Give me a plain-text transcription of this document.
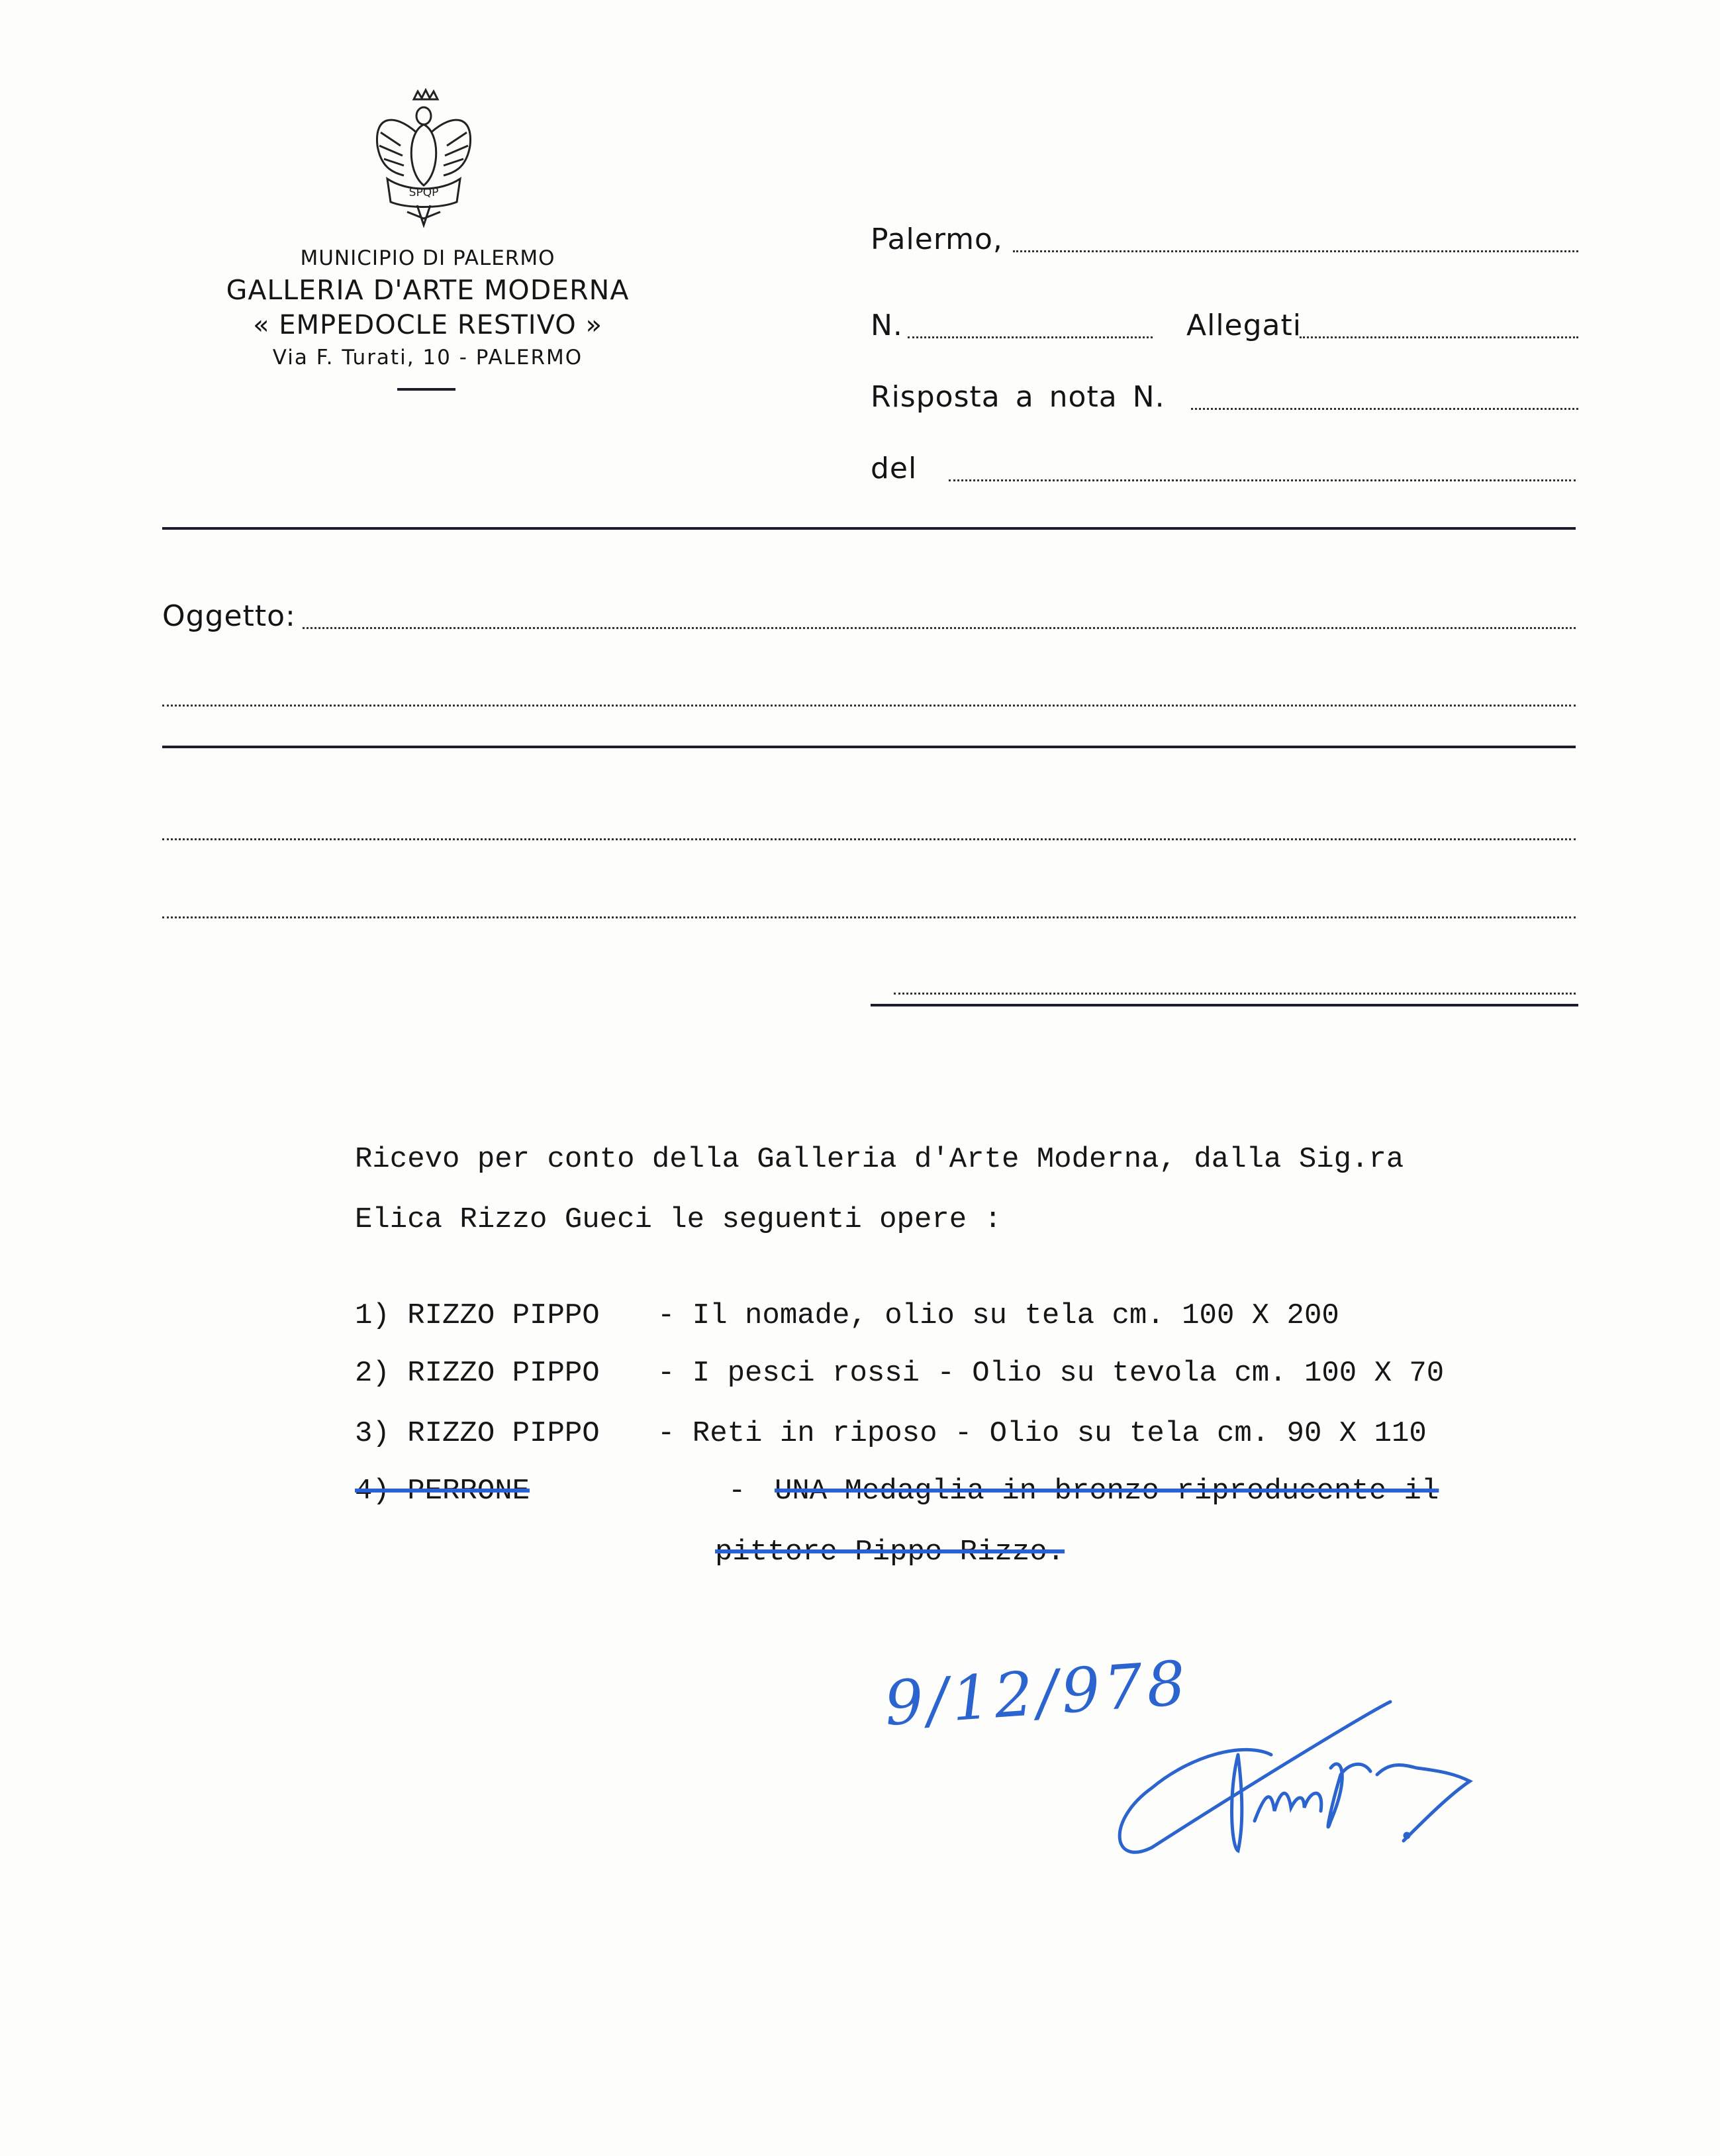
SPQP
MUNICIPIO DI PALERMO
GALLERIA D'ARTE MODERNA
« EMPEDOCLE RESTIVO »
Via F. Turati, 10 - PALERMO
Palermo,
N.	Allegati
Risposta a nota N.
del
Oggetto:
Ricevo per conto della Galleria d'Arte Moderna, dalla Sig.ra
Elica Rizzo Gueci le seguenti opere :
1) RIZZO PIPPO - Il nomade, olio su tela cm. 100 X 200
2) RIZZO PIPPO - I pesci rossi - Olio su tevola cm. 100 X 70
3) RIZZO PIPPO - Reti in riposo - Olio su tela cm. 90 X 110
4) PERRONE	- UNA Medaglia in bronzo riproducente il
pittore Pippo Rizzo.
9/12/978
